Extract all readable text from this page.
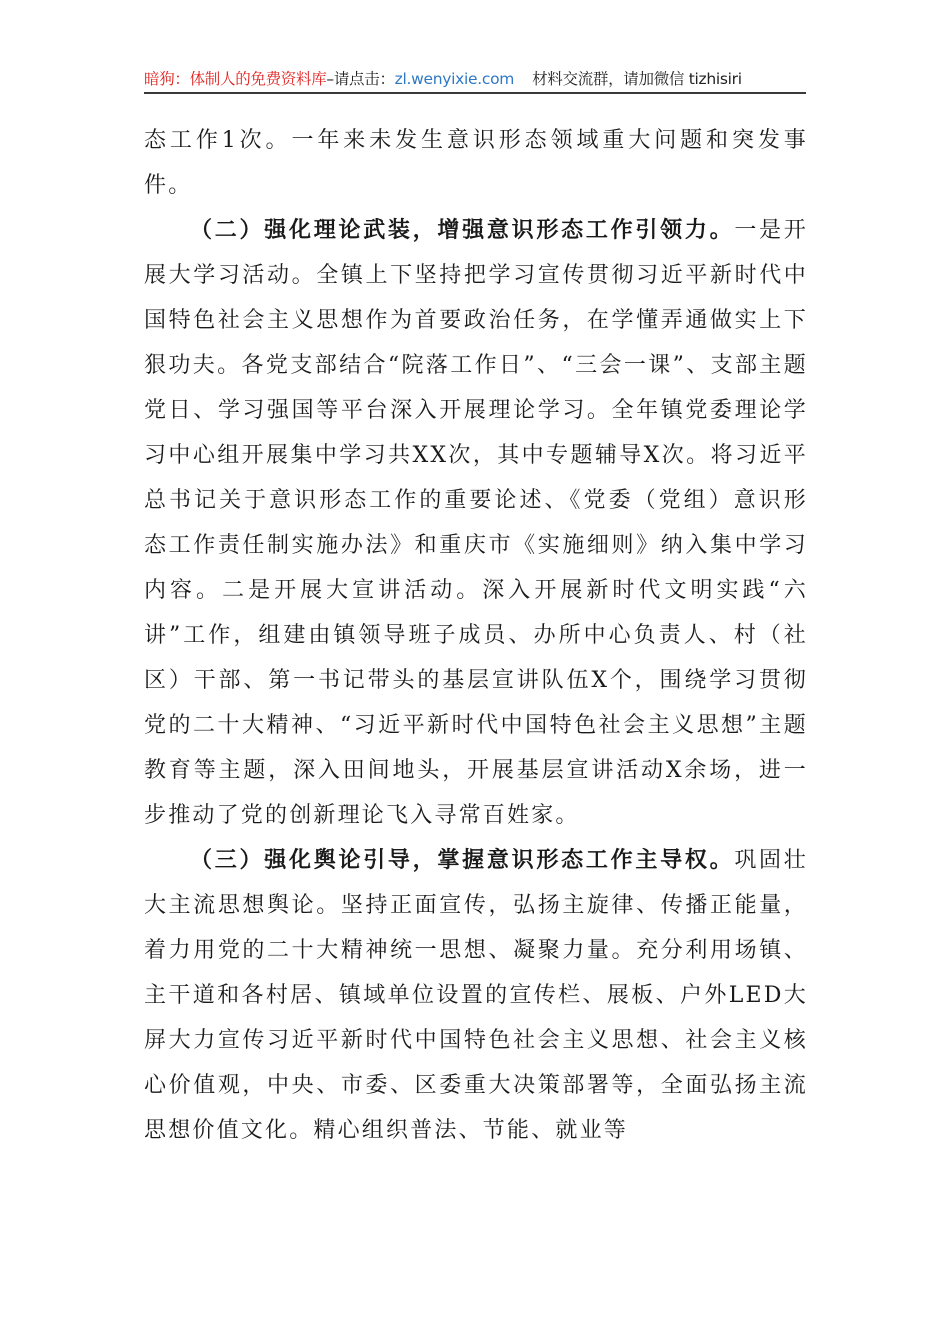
暗狗：体制人的免费资料库–请点击：zl.wenyixie.com 材料交流群，请加微信 tizhisiri

态工作1次。一年来未发生意识形态领域重大问题和突发事件。

（二）强化理论武装，增强意识形态工作引领力。一是开展大学习活动。全镇上下坚持把学习宣传贯彻习近平新时代中国特色社会主义思想作为首要政治任务，在学懂弄通做实上下狠功夫。各党支部结合“院落工作日”、“三会一课”、支部主题党日、学习强国等平台深入开展理论学习。全年镇党委理论学习中心组开展集中学习共XX次，其中专题辅导X次。将习近平总书记关于意识形态工作的重要论述、《党委（党组）意识形态工作责任制实施办法》和重庆市《实施细则》纳入集中学习内容。二是开展大宣讲活动。深入开展新时代文明实践“六讲”工作，组建由镇领导班子成员、办所中心负责人、村（社区）干部、第一书记带头的基层宣讲队伍X个，围绕学习贯彻党的二十大精神、“习近平新时代中国特色社会主义思想”主题教育等主题，深入田间地头，开展基层宣讲活动X余场，进一步推动了党的创新理论飞入寻常百姓家。

（三）强化舆论引导，掌握意识形态工作主导权。巩固壮大主流思想舆论。坚持正面宣传，弘扬主旋律、传播正能量，着力用党的二十大精神统一思想、凝聚力量。充分利用场镇、主干道和各村居、镇域单位设置的宣传栏、展板、户外LED大屏大力宣传习近平新时代中国特色社会主义思想、社会主义核心价值观，中央、市委、区委重大决策部署等，全面弘扬主流思想价值文化。精心组织普法、节能、就业等
